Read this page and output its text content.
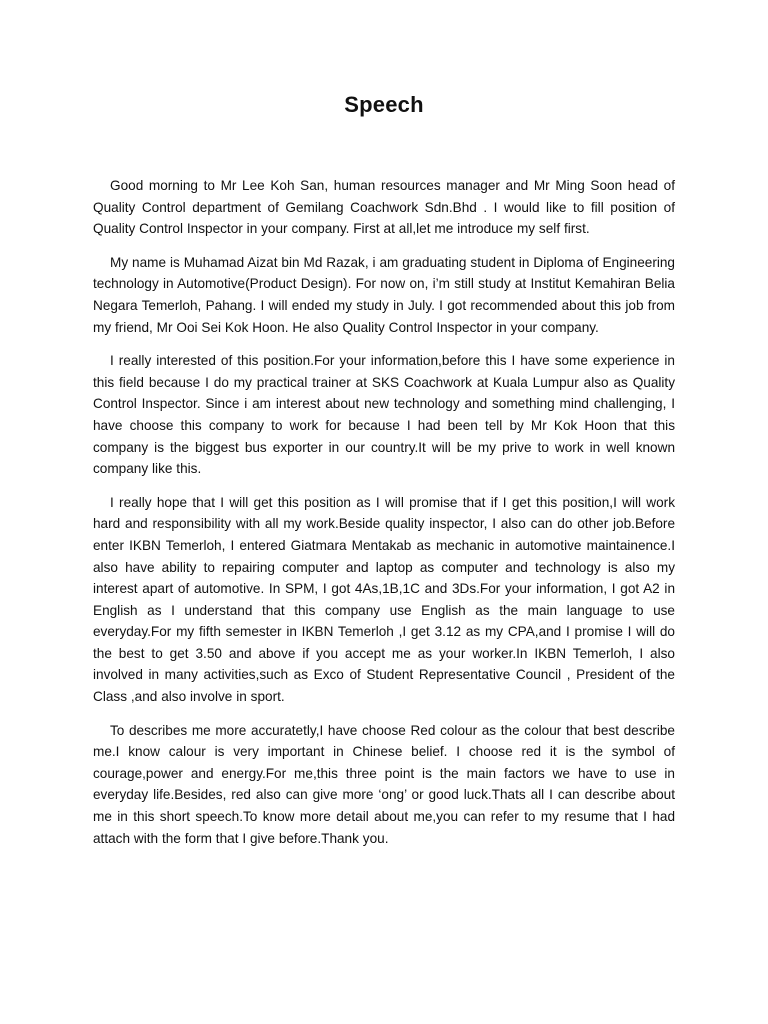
Speech

Good morning to Mr Lee Koh San, human resources manager and Mr Ming Soon head of Quality Control department of Gemilang Coachwork Sdn.Bhd . I would like to fill position of Quality Control Inspector in your company. First at all,let me introduce my self first.

My name is Muhamad Aizat bin Md Razak, i am graduating student in Diploma of Engineering technology in Automotive(Product Design). For now on, i’m still study at Institut Kemahiran Belia Negara Temerloh, Pahang. I will ended my study in July. I got recommended about this job from my friend, Mr Ooi Sei Kok Hoon. He also Quality Control Inspector in your company.

I really interested of this position.For your information,before this I have some experience in this field because I do my practical trainer at SKS Coachwork at Kuala Lumpur also as Quality Control Inspector. Since i am interest about new technology and something mind challenging, I have choose this company to work for because I had been tell by Mr Kok Hoon that this company is the biggest bus exporter in our country.It will be my prive to work in well known company like this.

I really hope that I will get this position as I will promise that if I get this position,I will work hard and responsibility with all my work.Beside quality inspector, I also can do other job.Before enter IKBN Temerloh, I entered Giatmara Mentakab as mechanic in automotive maintainence.I also have ability to repairing computer and laptop as computer and technology is also my interest apart of automotive. In SPM, I got 4As,1B,1C and 3Ds.For your information, I got A2 in English as I understand that this company use English as the main language to use everyday.For my fifth semester in IKBN Temerloh ,I get 3.12 as my CPA,and I promise I will do the best to get 3.50 and above if you accept me as your worker.In IKBN Temerloh, I also involved in many activities,such as Exco of Student Representative Council , President of the Class ,and also involve in sport.

To describes me more accuratetly,I have choose Red colour as the colour that best describe me.I know calour is very important in Chinese belief. I choose red it is the symbol of courage,power and energy.For me,this three point is the main factors we have to use in everyday life.Besides, red also can give more ‘ong’ or good luck.Thats all I can describe about me in this short speech.To know more detail about me,you can refer to my resume that I had attach with the form that I give before.Thank you.
